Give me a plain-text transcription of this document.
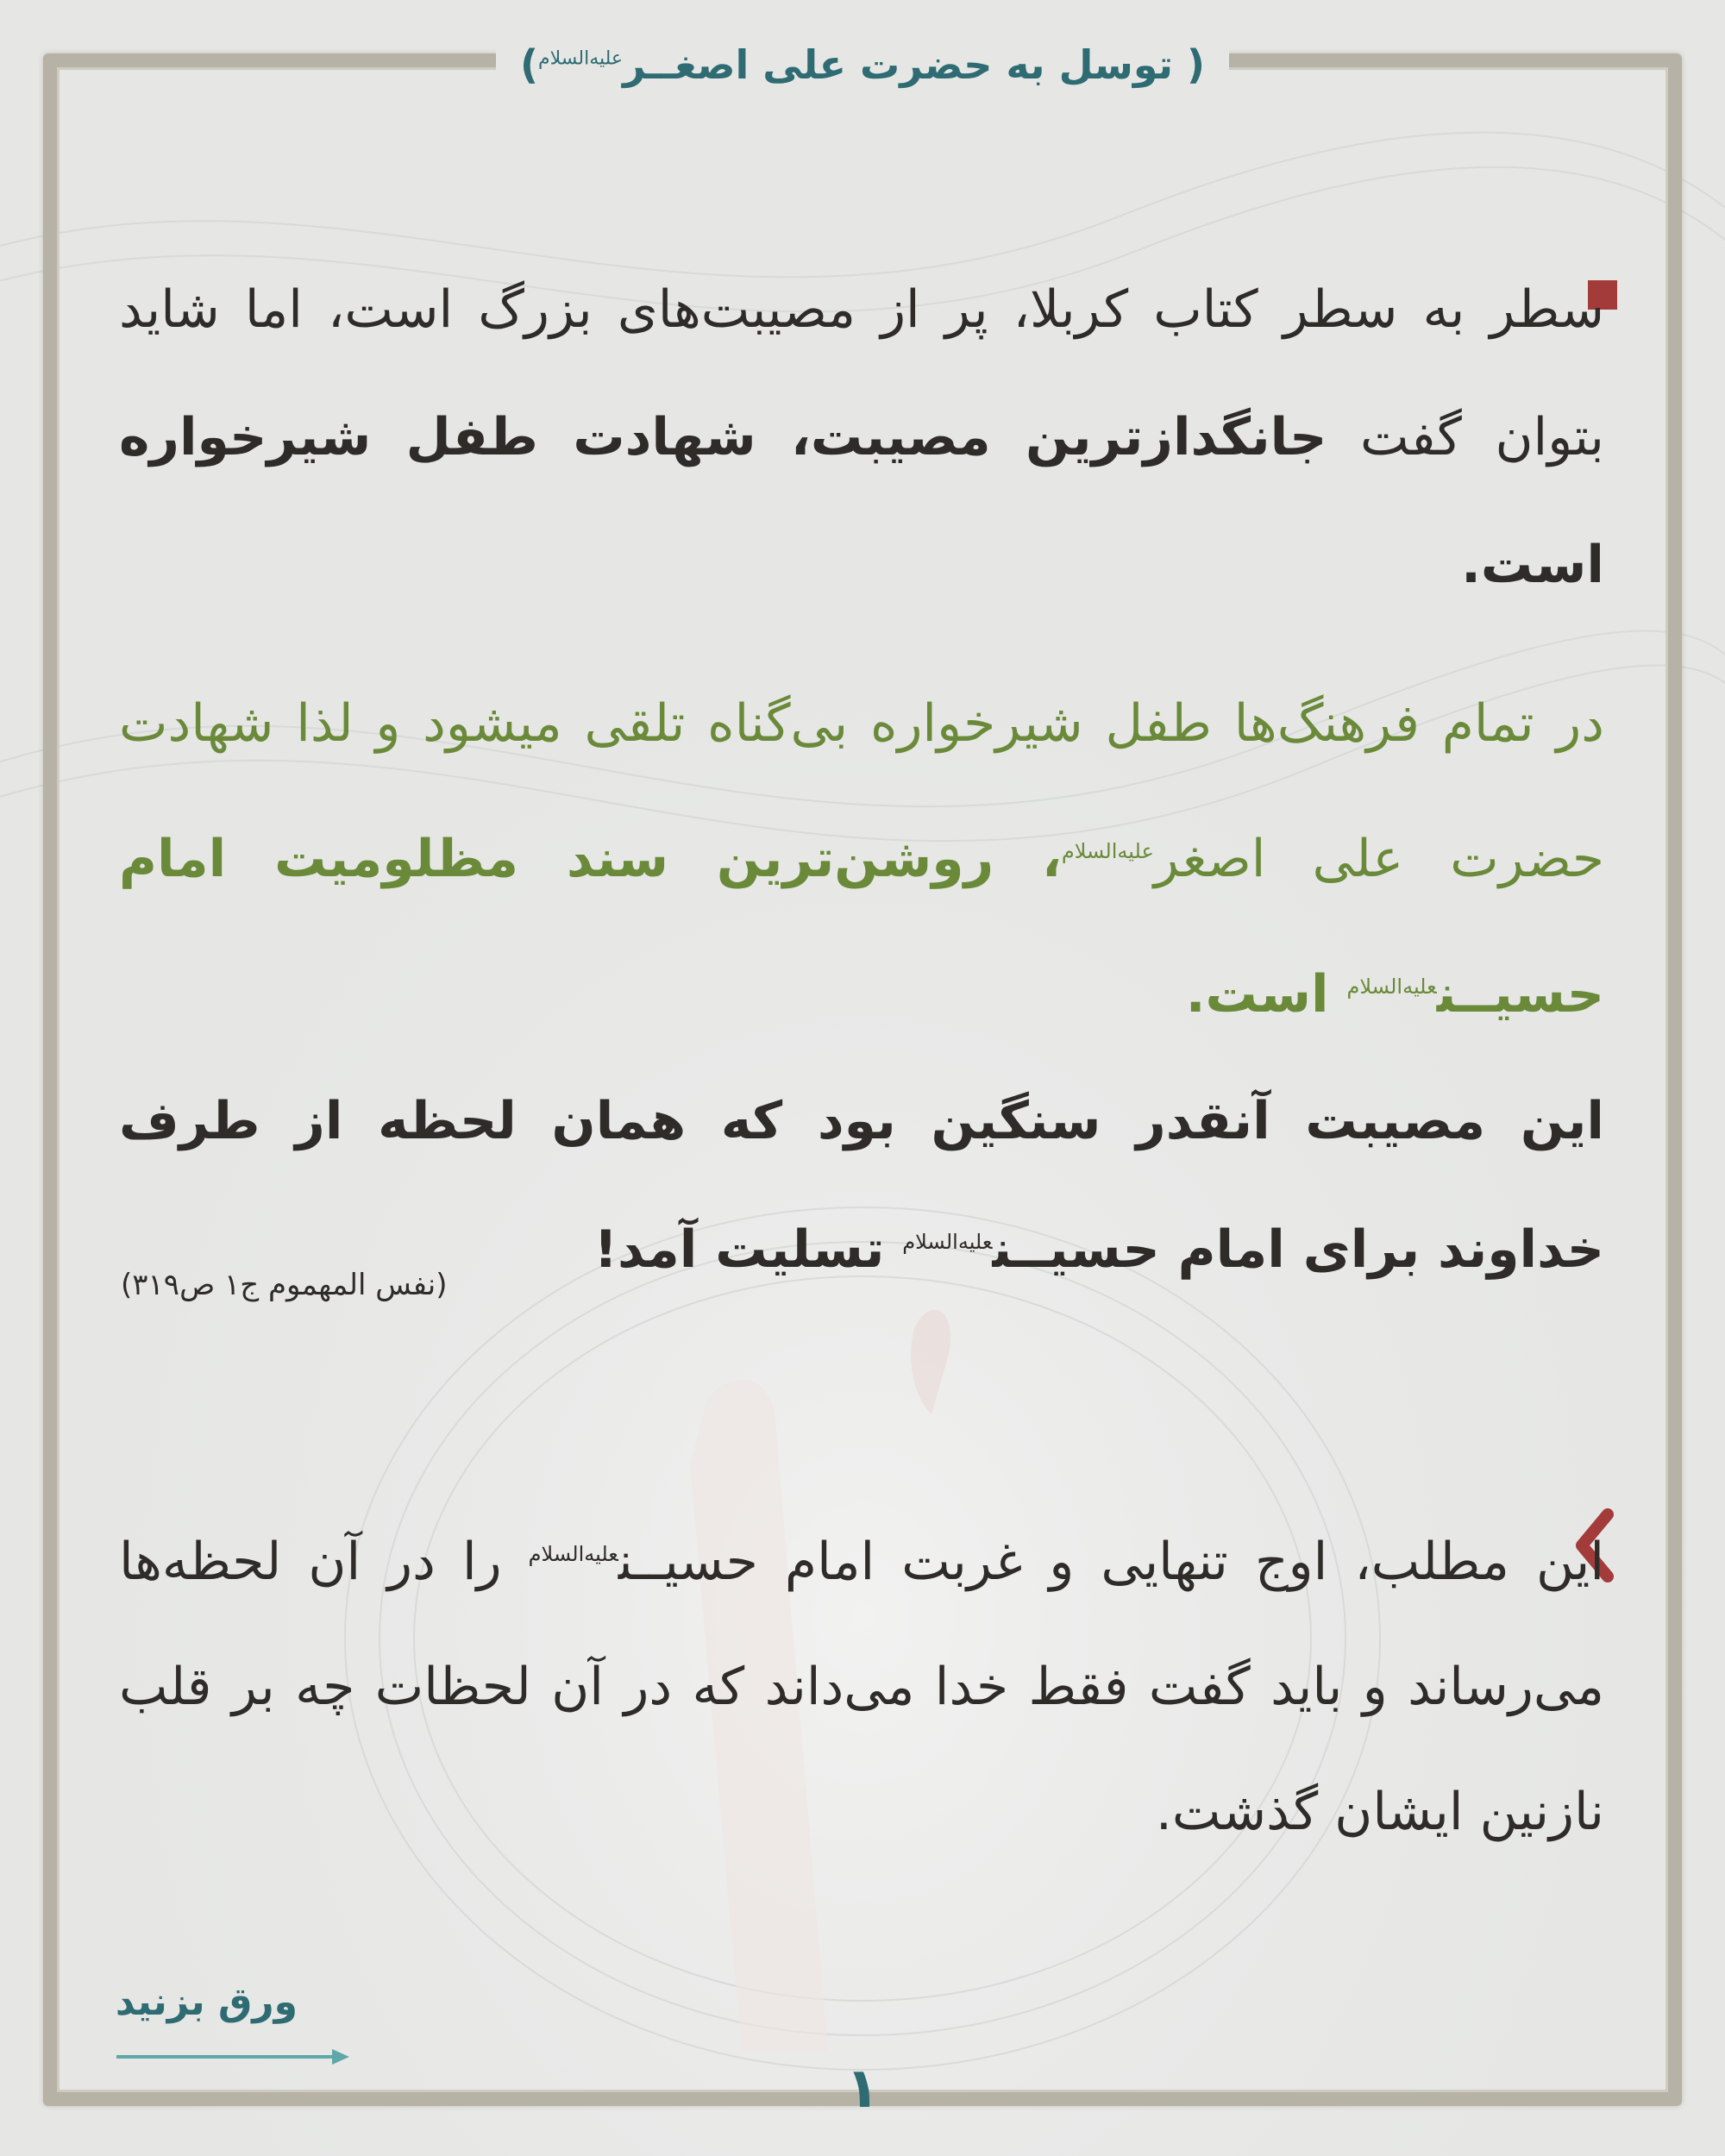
( توسل به حضرت علی اصغــر$^{علیه‌السلام}$)

سطر به سطر کتاب کربلا، پر از مصیبت‌های بزرگ است، اما شاید بتوان گفت جانگدازترین مصیبت، شهادت طفل شیرخواره است.

در تمام فرهنگ‌ها طفل شیرخواره بی‌گناه تلقی میشود و لذا شهادت حضرت علی اصغر$^{علیه‌السلام}$، روشن‌ترین سند مظلومیت امام حسیــن$^{علیه‌السلام}$ است.

این مصیبت آنقدر سنگین بود که همان لحظه از طرف خداوند برای امام حسیــن$^{علیه‌السلام}$ تسلیت آمد!

(نفس المهموم ج۱ ص۳۱۹)

این مطلب، اوج تنهایی و غربت امام حسیــن$^{علیه‌السلام}$ را در آن لحظه‌ها می‌رساند و باید گفت فقط خدا می‌داند که در آن لحظات چه بر قلب نازنین ایشان گذشت.

ورق بزنید
۱
